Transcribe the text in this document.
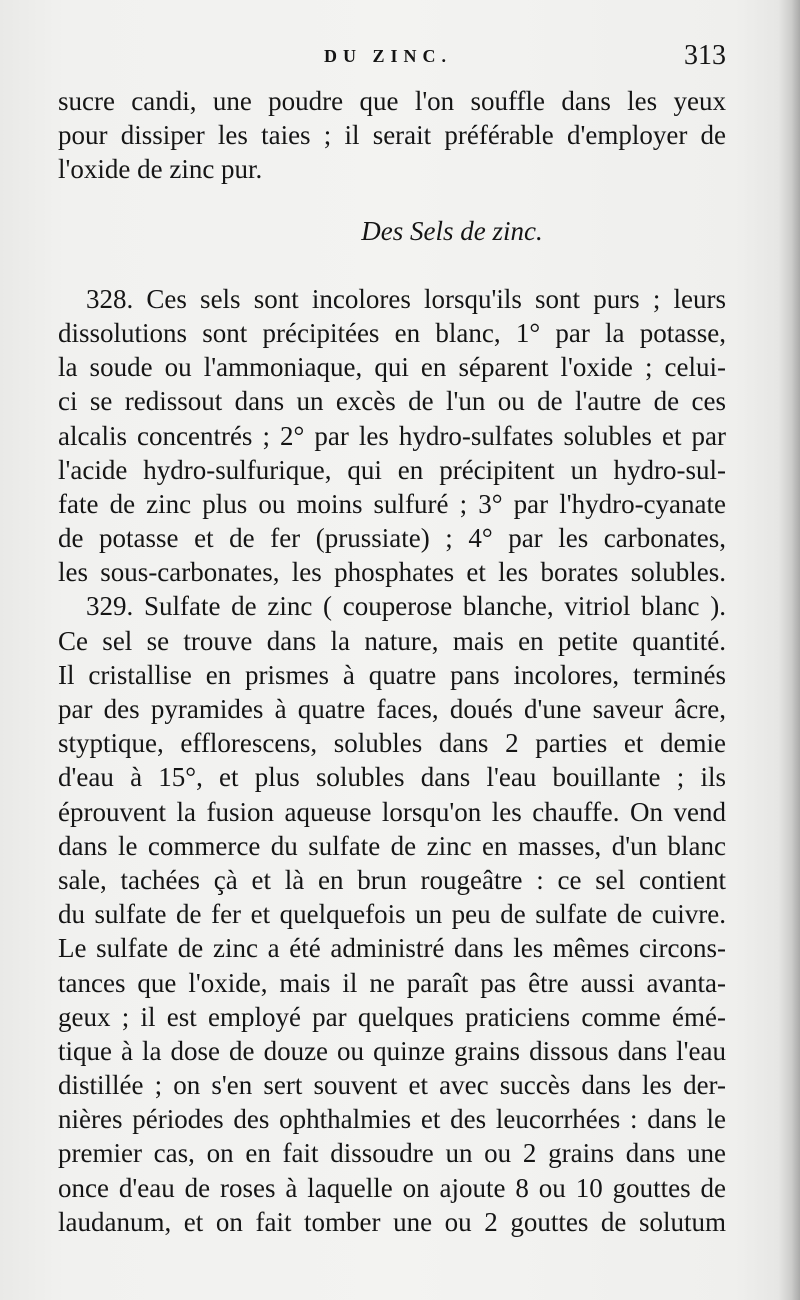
DU ZINC.	313
sucre candi, une poudre que l'on souffle dans les yeux
pour dissiper les taies ; il serait préférable d'employer de
l'oxide de zinc pur.
Des Sels de zinc.
328. Ces sels sont incolores lorsqu'ils sont purs ; leurs
dissolutions sont précipitées en blanc, 1° par la potasse,
la soude ou l'ammoniaque, qui en séparent l'oxide ; celui-
ci se redissout dans un excès de l'un ou de l'autre de ces
alcalis concentrés ; 2° par les hydro-sulfates solubles et par
l'acide hydro-sulfurique, qui en précipitent un hydro-sul-
fate de zinc plus ou moins sulfuré ; 3° par l'hydro-cyanate
de potasse et de fer (prussiate) ; 4° par les carbonates,
les sous-carbonates, les phosphates et les borates solubles.
329. Sulfate de zinc ( couperose blanche, vitriol blanc ).
Ce sel se trouve dans la nature, mais en petite quantité.
Il cristallise en prismes à quatre pans incolores, terminés
par des pyramides à quatre faces, doués d'une saveur âcre,
styptique, efflorescens, solubles dans 2 parties et demie
d'eau à 15°, et plus solubles dans l'eau bouillante ; ils
éprouvent la fusion aqueuse lorsqu'on les chauffe. On vend
dans le commerce du sulfate de zinc en masses, d'un blanc
sale, tachées çà et là en brun rougeâtre : ce sel contient
du sulfate de fer et quelquefois un peu de sulfate de cuivre.
Le sulfate de zinc a été administré dans les mêmes circons-
tances que l'oxide, mais il ne paraît pas être aussi avanta-
geux ; il est employé par quelques praticiens comme émé-
tique à la dose de douze ou quinze grains dissous dans l'eau
distillée ; on s'en sert souvent et avec succès dans les der-
nières périodes des ophthalmies et des leucorrhées : dans le
premier cas, on en fait dissoudre un ou 2 grains dans une
once d'eau de roses à laquelle on ajoute 8 ou 10 gouttes de
laudanum, et on fait tomber une ou 2 gouttes de solutum
